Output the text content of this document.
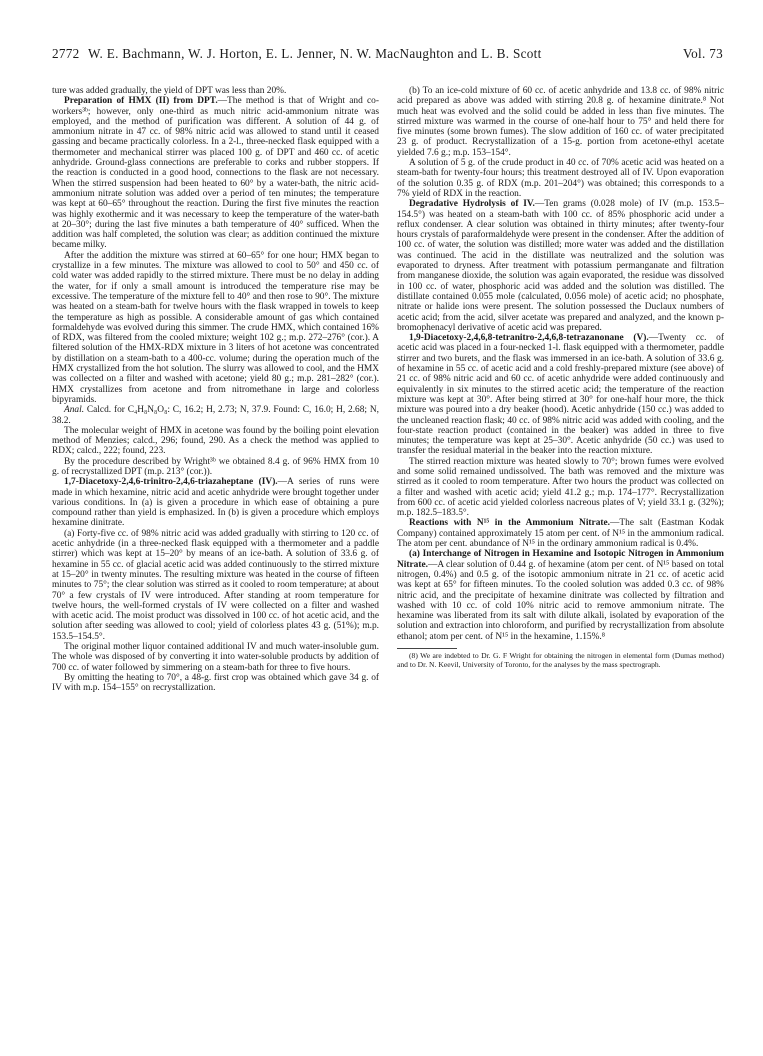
2772 W. E. Bachmann, W. J. Horton, E. L. Jenner, N. W. MacNaughton and L. B. Scott	Vol. 73

ture was added gradually, the yield of DPT was less than 20%.

Preparation of HMX (II) from DPT.—The method is that of Wright and co-workers³ᵇ; however, only one-third as much nitric acid-ammonium nitrate was employed, and the method of purification was different. A solution of 44 g. of ammonium nitrate in 47 cc. of 98% nitric acid was allowed to stand until it ceased gassing and became practically colorless. In a 2-l., three-necked flask equipped with a thermometer and mechanical stirrer was placed 100 g. of DPT and 460 cc. of acetic anhydride. Ground-glass connections are preferable to corks and rubber stoppers. If the reaction is conducted in a good hood, connections to the flask are not necessary. When the stirred suspension had been heated to 60° by a water-bath, the nitric acid-ammonium nitrate solution was added over a period of ten minutes; the temperature was kept at 60–65° throughout the reaction. During the first five minutes the reaction was highly exothermic and it was necessary to keep the temperature of the water-bath at 20–30°; during the last five minutes a bath temperature of 40° sufficed. When the addition was half completed, the solution was clear; as addition continued the mixture became milky.

After the addition the mixture was stirred at 60–65° for one hour; HMX began to crystallize in a few minutes. The mixture was allowed to cool to 50° and 450 cc. of cold water was added rapidly to the stirred mixture. There must be no delay in adding the water, for if only a small amount is introduced the temperature rise may be excessive. The temperature of the mixture fell to 40° and then rose to 90°. The mixture was heated on a steam-bath for twelve hours with the flask wrapped in towels to keep the temperature as high as possible. A considerable amount of gas which contained formaldehyde was evolved during this simmer. The crude HMX, which contained 16% of RDX, was filtered from the cooled mixture; weight 102 g.; m.p. 272–276° (cor.). A filtered solution of the HMX-RDX mixture in 3 liters of hot acetone was concentrated by distillation on a steam-bath to a 400-cc. volume; during the operation much of the HMX crystallized from the hot solution. The slurry was allowed to cool, and the HMX was collected on a filter and washed with acetone; yield 80 g.; m.p. 281–282° (cor.). HMX crystallizes from acetone and from nitromethane in large and colorless bipyramids.

Anal. Calcd. for C₄H₈N₈O₈: C, 16.2; H, 2.73; N, 37.9. Found: C, 16.0; H, 2.68; N, 38.2.

The molecular weight of HMX in acetone was found by the boiling point elevation method of Menzies; calcd., 296; found, 290. As a check the method was applied to RDX; calcd., 222; found, 223.

By the procedure described by Wright³ᵇ we obtained 8.4 g. of 96% HMX from 10 g. of recrystallized DPT (m.p. 213° (cor.)).

1,7-Diacetoxy-2,4,6-trinitro-2,4,6-triazaheptane (IV).—A series of runs were made in which hexamine, nitric acid and acetic anhydride were brought together under various conditions. In (a) is given a procedure in which ease of obtaining a pure compound rather than yield is emphasized. In (b) is given a procedure which employs hexamine dinitrate.

(a) Forty-five cc. of 98% nitric acid was added gradually with stirring to 120 cc. of acetic anhydride (in a three-necked flask equipped with a thermometer and a paddle stirrer) which was kept at 15–20° by means of an ice-bath. A solution of 33.6 g. of hexamine in 55 cc. of glacial acetic acid was added continuously to the stirred mixture at 15–20° in twenty minutes. The resulting mixture was heated in the course of fifteen minutes to 75°; the clear solution was stirred as it cooled to room temperature; at about 70° a few crystals of IV were introduced. After standing at room temperature for twelve hours, the well-formed crystals of IV were collected on a filter and washed with acetic acid. The moist product was dissolved in 100 cc. of hot acetic acid, and the solution after seeding was allowed to cool; yield of colorless plates 43 g. (51%); m.p. 153.5–154.5°.

The original mother liquor contained additional IV and much water-insoluble gum. The whole was disposed of by converting it into water-soluble products by addition of 700 cc. of water followed by simmering on a steam-bath for three to five hours.

By omitting the heating to 70°, a 48-g. first crop was obtained which gave 34 g. of IV with m.p. 154–155° on recrystallization.

(b) To an ice-cold mixture of 60 cc. of acetic anhydride and 13.8 cc. of 98% nitric acid prepared as above was added with stirring 20.8 g. of hexamine dinitrate.⁸ Not much heat was evolved and the solid could be added in less than five minutes. The stirred mixture was warmed in the course of one-half hour to 75° and held there for five minutes (some brown fumes). The slow addition of 160 cc. of water precipitated 23 g. of product. Recrystallization of a 15-g. portion from acetone-ethyl acetate yielded 7.6 g.; m.p. 153–154°.

A solution of 5 g. of the crude product in 40 cc. of 70% acetic acid was heated on a steam-bath for twenty-four hours; this treatment destroyed all of IV. Upon evaporation of the solution 0.35 g. of RDX (m.p. 201–204°) was obtained; this corresponds to a 7% yield of RDX in the reaction.

Degradative Hydrolysis of IV.—Ten grams (0.028 mole) of IV (m.p. 153.5–154.5°) was heated on a steam-bath with 100 cc. of 85% phosphoric acid under a reflux condenser. A clear solution was obtained in thirty minutes; after twenty-four hours crystals of paraformaldehyde were present in the condenser. After the addition of 100 cc. of water, the solution was distilled; more water was added and the distillation was continued. The acid in the distillate was neutralized and the solution was evaporated to dryness. After treatment with potassium permanganate and filtration from manganese dioxide, the solution was again evaporated, the residue was dissolved in 100 cc. of water, phosphoric acid was added and the solution was distilled. The distillate contained 0.055 mole (calculated, 0.056 mole) of acetic acid; no phosphate, nitrate or halide ions were present. The solution possessed the Duclaux numbers of acetic acid; from the acid, silver acetate was prepared and analyzed, and the known p-bromophenacyl derivative of acetic acid was prepared.

1,9-Diacetoxy-2,4,6,8-tetranitro-2,4,6,8-tetrazanonane (V).—Twenty cc. of acetic acid was placed in a four-necked 1-l. flask equipped with a thermometer, paddle stirrer and two burets, and the flask was immersed in an ice-bath. A solution of 33.6 g. of hexamine in 55 cc. of acetic acid and a cold freshly-prepared mixture (see above) of 21 cc. of 98% nitric acid and 60 cc. of acetic anhydride were added continuously and equivalently in six minutes to the stirred acetic acid; the temperature of the reaction mixture was kept at 30°. After being stirred at 30° for one-half hour more, the thick mixture was poured into a dry beaker (hood). Acetic anhydride (150 cc.) was added to the uncleaned reaction flask; 40 cc. of 98% nitric acid was added with cooling, and the four-state reaction product (contained in the beaker) was added in three to five minutes; the temperature was kept at 25–30°. Acetic anhydride (50 cc.) was used to transfer the residual material in the beaker into the reaction mixture.

The stirred reaction mixture was heated slowly to 70°; brown fumes were evolved and some solid remained undissolved. The bath was removed and the mixture was stirred as it cooled to room temperature. After two hours the product was collected on a filter and washed with acetic acid; yield 41.2 g.; m.p. 174–177°. Recrystallization from 600 cc. of acetic acid yielded colorless nacreous plates of V; yield 33.1 g. (32%); m.p. 182.5–183.5°.

Reactions with N¹⁵ in the Ammonium Nitrate.—The salt (Eastman Kodak Company) contained approximately 15 atom per cent. of N¹⁵ in the ammonium radical. The atom per cent. abundance of N¹⁵ in the ordinary ammonium radical is 0.4%.

(a) Interchange of Nitrogen in Hexamine and Isotopic Nitrogen in Ammonium Nitrate.—A clear solution of 0.44 g. of hexamine (atom per cent. of N¹⁵ based on total nitrogen, 0.4%) and 0.5 g. of the isotopic ammonium nitrate in 21 cc. of acetic acid was kept at 65° for fifteen minutes. To the cooled solution was added 0.3 cc. of 98% nitric acid, and the precipitate of hexamine dinitrate was collected by filtration and washed with 10 cc. of cold 10% nitric acid to remove ammonium nitrate. The hexamine was liberated from its salt with dilute alkali, isolated by evaporation of the solution and extraction into chloroform, and purified by recrystallization from absolute ethanol; atom per cent. of N¹⁵ in the hexamine, 1.15%.⁸

(8) We are indebted to Dr. G. F Wright for obtaining the nitrogen in elemental form (Dumas method) and to Dr. N. Keevil, University of Toronto, for the analyses by the mass spectrograph.
